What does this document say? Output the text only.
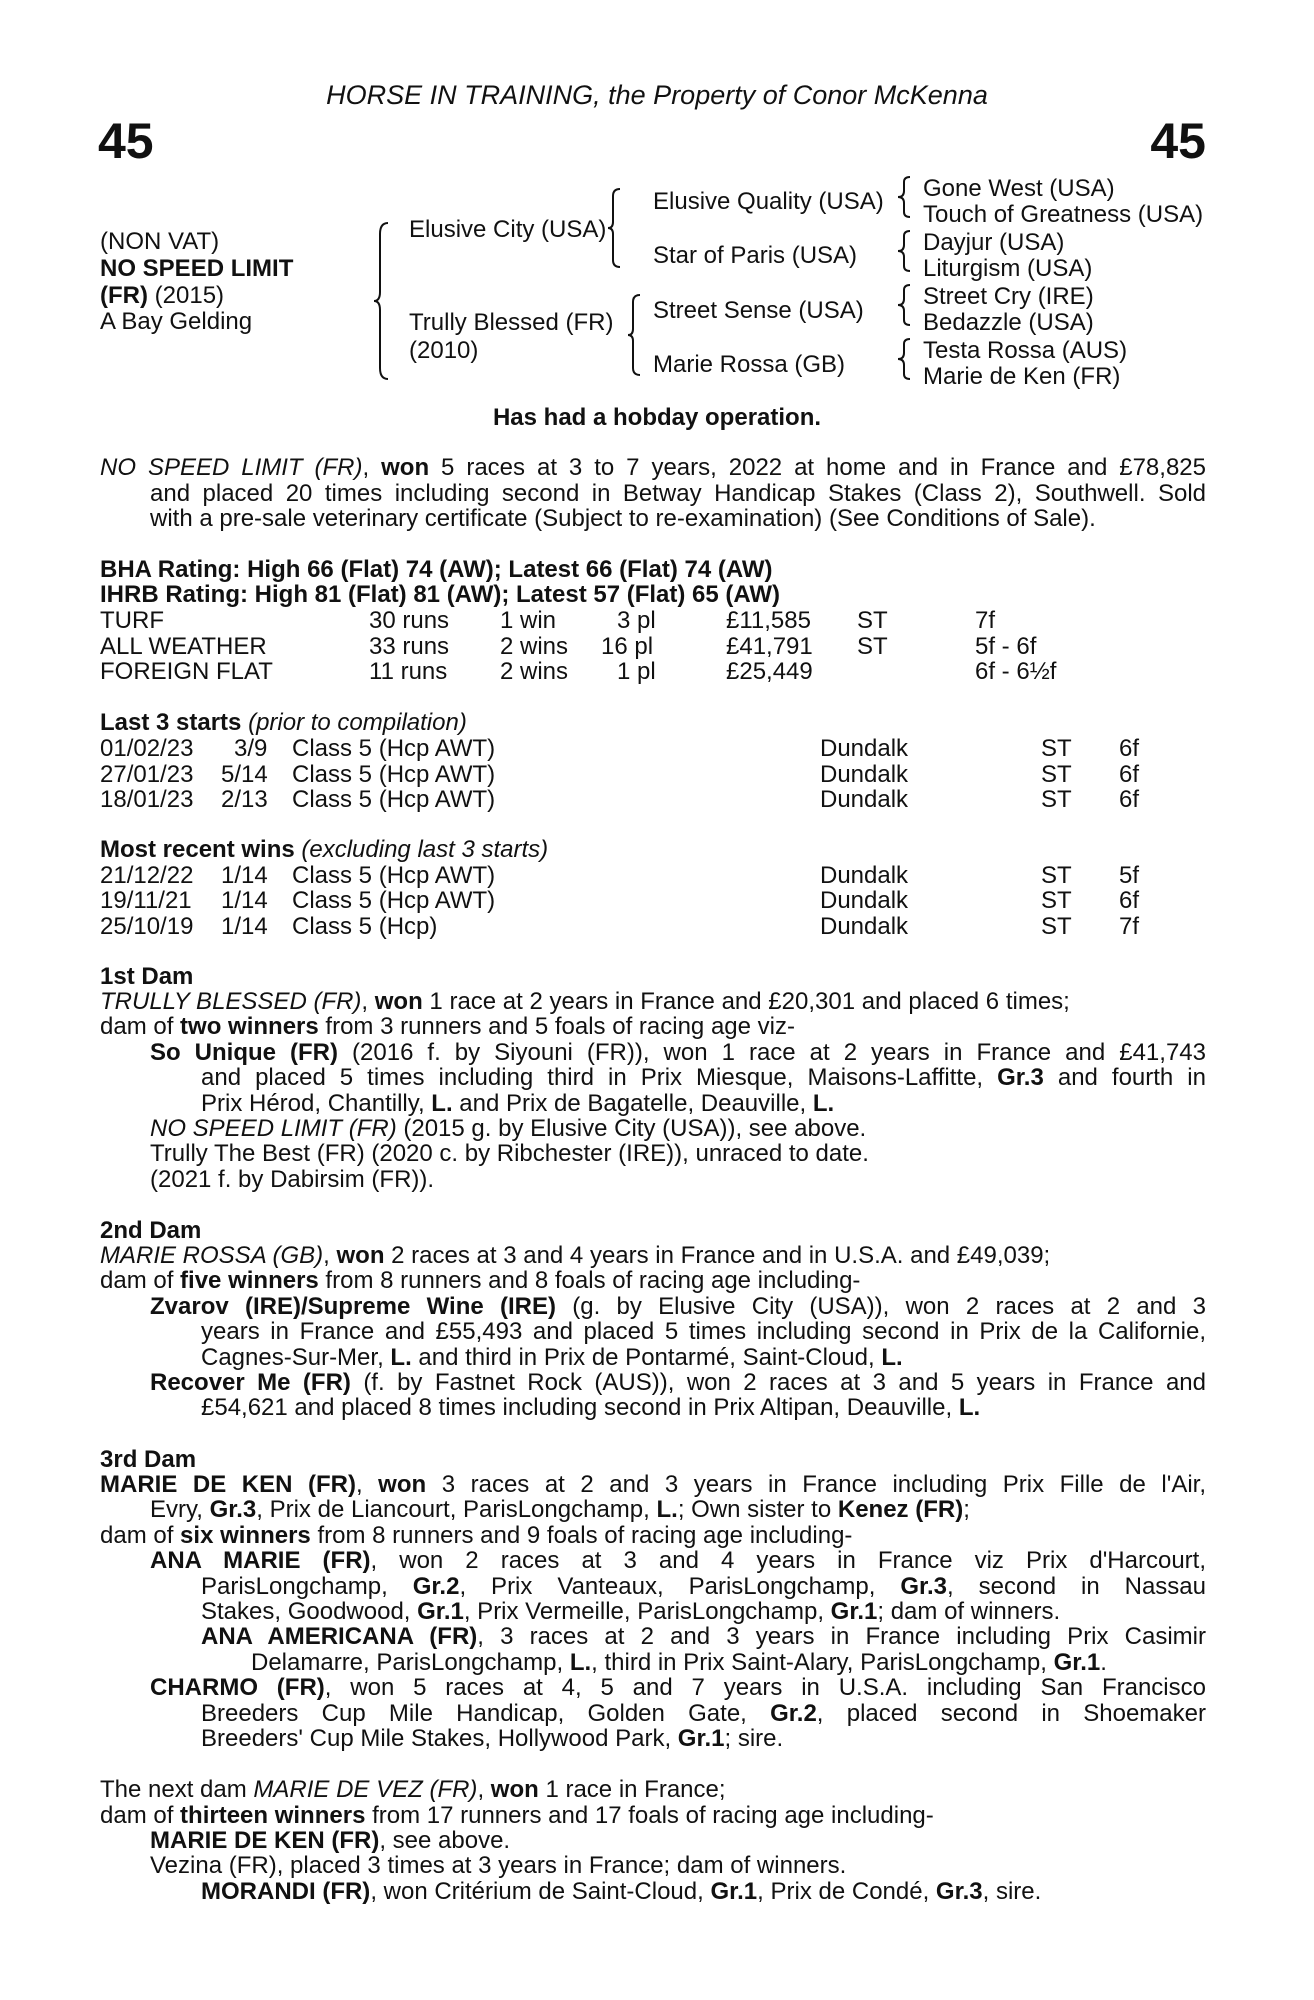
HORSE IN TRAINING, the Property of Conor McKenna
45	45
(NON VAT)
NO SPEED LIMIT
(FR) (2015)
A Bay Gelding
Elusive City (USA)
Trully Blessed (FR)
(2010)
Elusive Quality (USA)
Star of Paris (USA)
Street Sense (USA)
Marie Rossa (GB)
Gone West (USA)
Touch of Greatness (USA)
Dayjur (USA)
Liturgism (USA)
Street Cry (IRE)
Bedazzle (USA)
Testa Rossa (AUS)
Marie de Ken (FR)
Has had a hobday operation.
NO SPEED LIMIT (FR), won 5 races at 3 to 7 years, 2022 at home and in France and £78,825
and placed 20 times including second in Betway Handicap Stakes (Class 2), Southwell. Sold
with a pre-sale veterinary certificate (Subject to re-examination) (See Conditions of Sale).
BHA Rating: High 66 (Flat) 74 (AW); Latest 66 (Flat) 74 (AW)
IHRB Rating: High 81 (Flat) 81 (AW); Latest 57 (Flat) 65 (AW)
TURF	30 runs 1 win	3 pl	£11,585 ST	7f
ALL WEATHER	33 runs 2 wins 16 pl	£41,791 ST	5f - 6f
FOREIGN FLAT	11 runs 2 wins 1 pl	£25,449	6f - 6½f
Last 3 starts (prior to compilation)
01/02/23 3/9 Class 5 (Hcp AWT)	Dundalk	ST 6f
27/01/23 5/14 Class 5 (Hcp AWT)	Dundalk	ST 6f
18/01/23 2/13 Class 5 (Hcp AWT)	Dundalk	ST 6f
Most recent wins (excluding last 3 starts)
21/12/22 1/14 Class 5 (Hcp AWT)	Dundalk	ST 5f
19/11/21 1/14 Class 5 (Hcp AWT)	Dundalk	ST 6f
25/10/19 1/14 Class 5 (Hcp)	Dundalk	ST 7f
1st Dam
TRULLY BLESSED (FR), won 1 race at 2 years in France and £20,301 and placed 6 times;
dam of two winners from 3 runners and 5 foals of racing age viz-
So Unique (FR) (2016 f. by Siyouni (FR)), won 1 race at 2 years in France and £41,743
and placed 5 times including third in Prix Miesque, Maisons-Laffitte, Gr.3 and fourth in
Prix Hérod, Chantilly, L. and Prix de Bagatelle, Deauville, L.
NO SPEED LIMIT (FR) (2015 g. by Elusive City (USA)), see above.
Trully The Best (FR) (2020 c. by Ribchester (IRE)), unraced to date.
(2021 f. by Dabirsim (FR)).
2nd Dam
MARIE ROSSA (GB), won 2 races at 3 and 4 years in France and in U.S.A. and £49,039;
dam of five winners from 8 runners and 8 foals of racing age including-
Zvarov (IRE)/Supreme Wine (IRE) (g. by Elusive City (USA)), won 2 races at 2 and 3
years in France and £55,493 and placed 5 times including second in Prix de la Californie,
Cagnes-Sur-Mer, L. and third in Prix de Pontarmé, Saint-Cloud, L.
Recover Me (FR) (f. by Fastnet Rock (AUS)), won 2 races at 3 and 5 years in France and
£54,621 and placed 8 times including second in Prix Altipan, Deauville, L.
3rd Dam
MARIE DE KEN (FR), won 3 races at 2 and 3 years in France including Prix Fille de l'Air,
Evry, Gr.3, Prix de Liancourt, ParisLongchamp, L.; Own sister to Kenez (FR);
dam of six winners from 8 runners and 9 foals of racing age including-
ANA MARIE (FR), won 2 races at 3 and 4 years in France viz Prix d'Harcourt,
ParisLongchamp, Gr.2, Prix Vanteaux, ParisLongchamp, Gr.3, second in Nassau
Stakes, Goodwood, Gr.1, Prix Vermeille, ParisLongchamp, Gr.1; dam of winners.
ANA AMERICANA (FR), 3 races at 2 and 3 years in France including Prix Casimir
Delamarre, ParisLongchamp, L., third in Prix Saint-Alary, ParisLongchamp, Gr.1.
CHARMO (FR), won 5 races at 4, 5 and 7 years in U.S.A. including San Francisco
Breeders Cup Mile Handicap, Golden Gate, Gr.2, placed second in Shoemaker
Breeders' Cup Mile Stakes, Hollywood Park, Gr.1; sire.
The next dam MARIE DE VEZ (FR), won 1 race in France;
dam of thirteen winners from 17 runners and 17 foals of racing age including-
MARIE DE KEN (FR), see above.
Vezina (FR), placed 3 times at 3 years in France; dam of winners.
MORANDI (FR), won Critérium de Saint-Cloud, Gr.1, Prix de Condé, Gr.3, sire.
